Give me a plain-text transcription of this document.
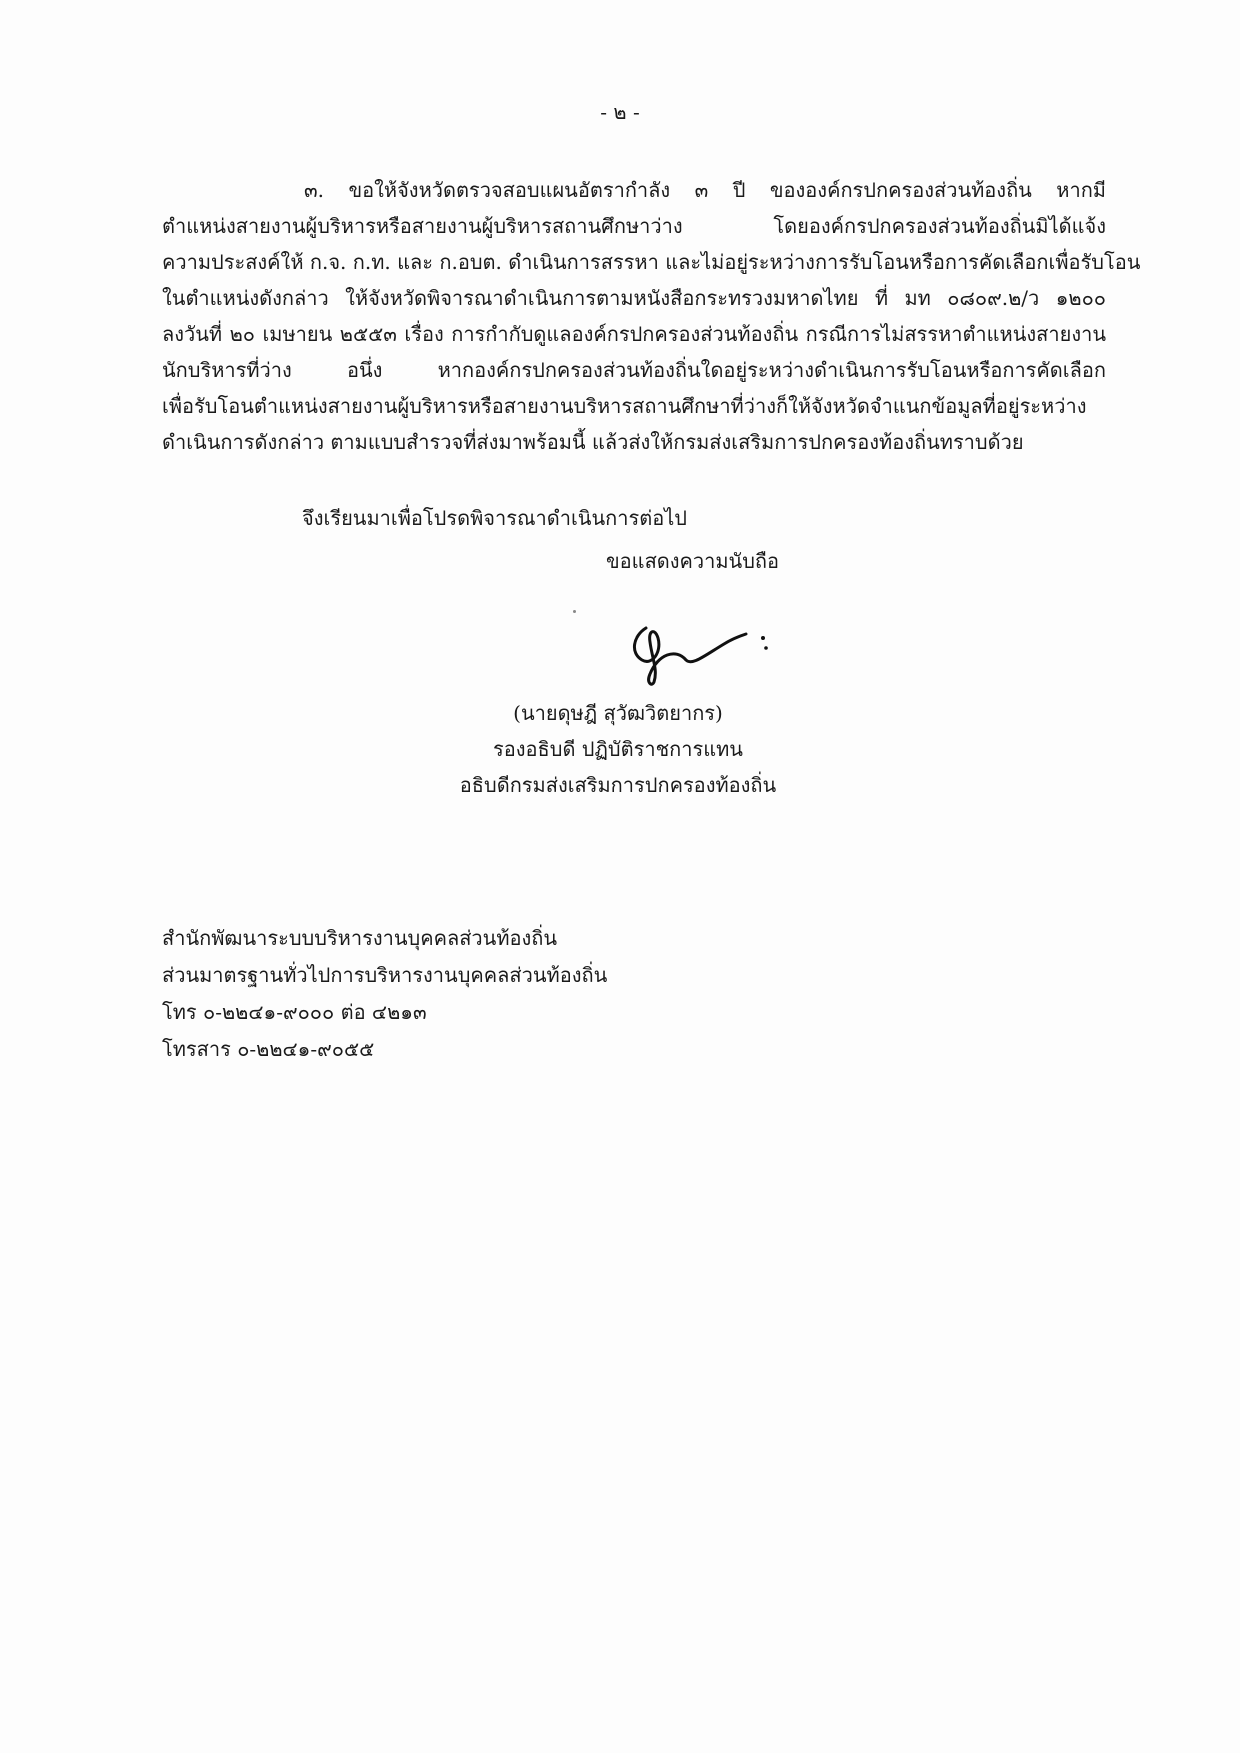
- ๒ -
๓. ขอให้จังหวัดตรวจสอบแผนอัตรากำลัง ๓ ปี ขององค์กรปกครองส่วนท้องถิ่น หากมี
ตำแหน่งสายงานผู้บริหารหรือสายงานผู้บริหารสถานศึกษาว่าง โดยองค์กรปกครองส่วนท้องถิ่นมิได้แจ้ง
ความประสงค์ให้ ก.จ. ก.ท. และ ก.อบต. ดำเนินการสรรหา และไม่อยู่ระหว่างการรับโอนหรือการคัดเลือกเพื่อรับโอน
ในตำแหน่งดังกล่าว ให้จังหวัดพิจารณาดำเนินการตามหนังสือกระทรวงมหาดไทย ที่ มท ๐๘๐๙.๒/ว ๑๒๐๐
ลงวันที่ ๒๐ เมษายน ๒๕๕๓ เรื่อง การกำกับดูแลองค์กรปกครองส่วนท้องถิ่น กรณีการไม่สรรหาตำแหน่งสายงาน
นักบริหารที่ว่าง อนึ่ง หากองค์กรปกครองส่วนท้องถิ่นใดอยู่ระหว่างดำเนินการรับโอนหรือการคัดเลือก
เพื่อรับโอนตำแหน่งสายงานผู้บริหารหรือสายงานบริหารสถานศึกษาที่ว่างก็ให้จังหวัดจำแนกข้อมูลที่อยู่ระหว่าง
ดำเนินการดังกล่าว ตามแบบสำรวจที่ส่งมาพร้อมนี้ แล้วส่งให้กรมส่งเสริมการปกครองท้องถิ่นทราบด้วย
จึงเรียนมาเพื่อโปรดพิจารณาดำเนินการต่อไป
ขอแสดงความนับถือ
(นายดุษฎี สุวัฒวิตยากร)
รองอธิบดี ปฏิบัติราชการแทน
อธิบดีกรมส่งเสริมการปกครองท้องถิ่น
สำนักพัฒนาระบบบริหารงานบุคคลส่วนท้องถิ่น
ส่วนมาตรฐานทั่วไปการบริหารงานบุคคลส่วนท้องถิ่น
โทร ๐-๒๒๔๑-๙๐๐๐ ต่อ ๔๒๑๓
โทรสาร ๐-๒๒๔๑-๙๐๕๕
